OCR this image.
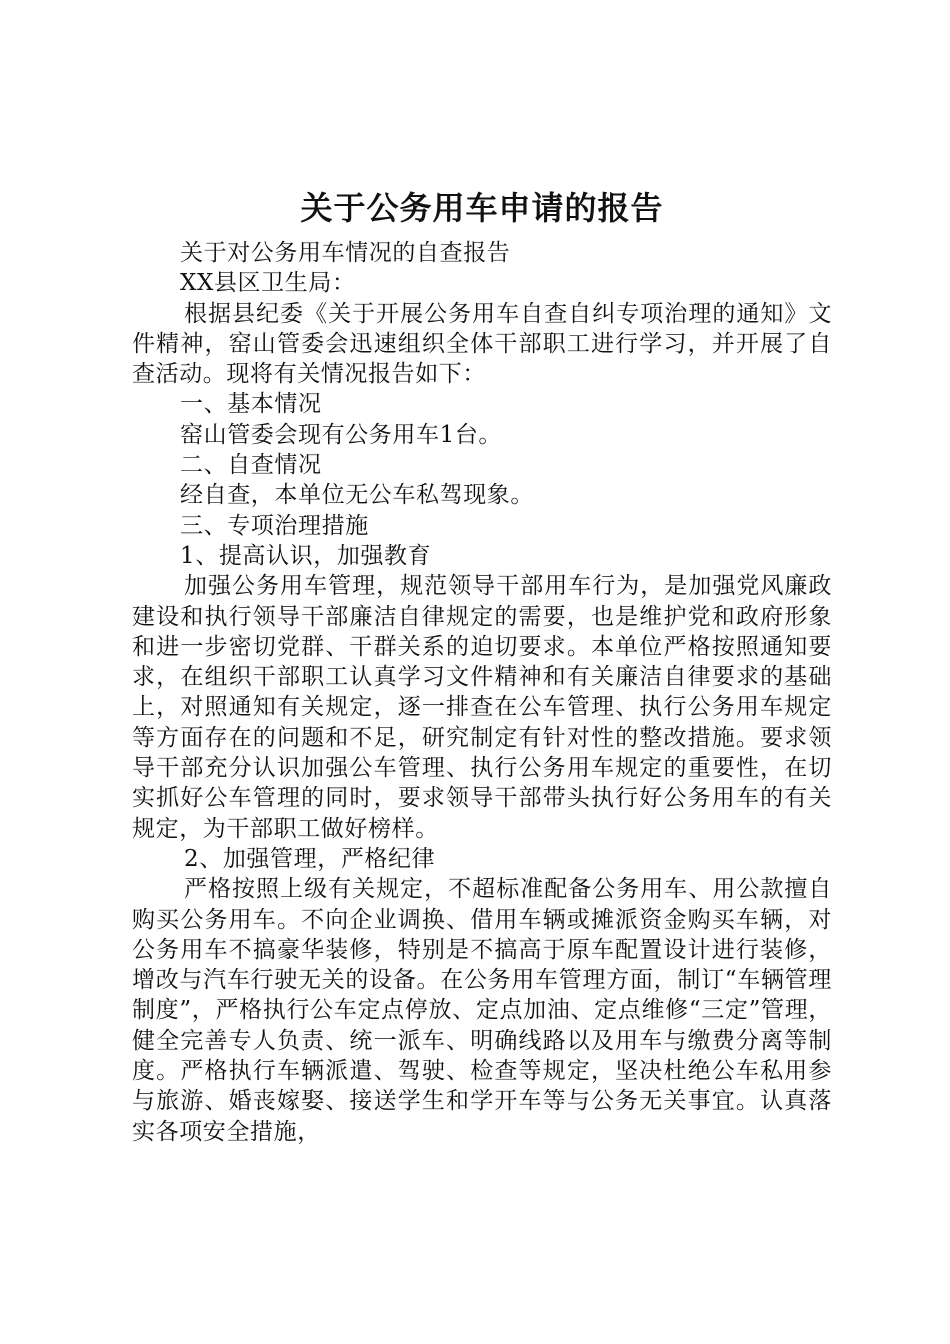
关于公务用车申请的报告

关于对公务用车情况的自查报告

XX县区卫生局：

根据县纪委《关于开展公务用车自查自纠专项治理的通知》文件精神，窑山管委会迅速组织全体干部职工进行学习，并开展了自查活动。现将有关情况报告如下：

一、基本情况

窑山管委会现有公务用车1台。

二、自查情况

经自查，本单位无公车私驾现象。

三、专项治理措施

1、提高认识，加强教育

加强公务用车管理，规范领导干部用车行为，是加强党风廉政建设和执行领导干部廉洁自律规定的需要，也是维护党和政府形象和进一步密切党群、干群关系的迫切要求。本单位严格按照通知要求，在组织干部职工认真学习文件精神和有关廉洁自律要求的基础上，对照通知有关规定，逐一排查在公车管理、执行公务用车规定等方面存在的问题和不足，研究制定有针对性的整改措施。要求领导干部充分认识加强公车管理、执行公务用车规定的重要性，在切实抓好公车管理的同时，要求领导干部带头执行好公务用车的有关规定，为干部职工做好榜样。

2、加强管理，严格纪律

严格按照上级有关规定，不超标准配备公务用车、用公款擅自购买公务用车。不向企业调换、借用车辆或摊派资金购买车辆，对公务用车不搞豪华装修，特别是不搞高于原车配置设计进行装修，增改与汽车行驶无关的设备。在公务用车管理方面，制订“车辆管理制度”，严格执行公车定点停放、定点加油、定点维修“三定”管理，健全完善专人负责、统一派车、明确线路以及用车与缴费分离等制度。严格执行车辆派遣、驾驶、检查等规定，坚决杜绝公车私用参与旅游、婚丧嫁娶、接送学生和学开车等与公务无关事宜。认真落实各项安全措施，
